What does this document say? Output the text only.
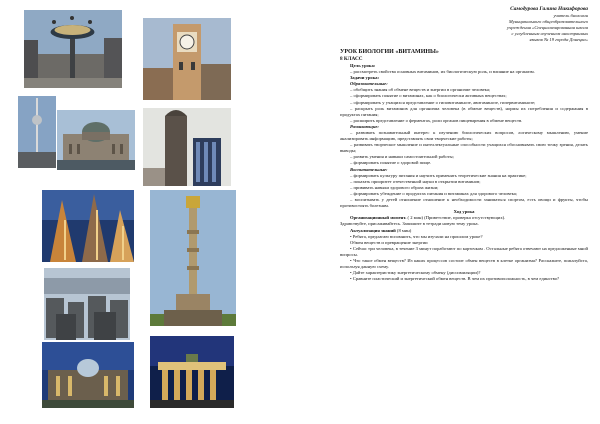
Самодурова Галина Никифорова
учитель биологии
Муниципального общеобразовательного
учреждения «Специализированная школа
с углубленным изучением иностранных
языков № 19 города Донецка»
УРОК БИОЛОГИИ «ВИТАМИНЫ»
8 КЛАСС

Цель урока:

– рассмотреть свойства основных витаминов, их биологическую роль, и влияние на организм.

Задачи урока:

Образовательные:

– обобщить знания об обмене веществ и энергии в организме человека;

– сформировать понятие о витаминах, как о биологически активных веществах;

– сформировать у учащихся представление о гиповитаминозе, авитаминозе, гипервитаминозе;

– раскрыть роль витаминов для организма человека (в обмене веществ), нормы их потребления и содержания в продуктах питания;

– расширить представление о ферментах, роли органов пищеварения в обмене веществ.

Развивающие:

– развивать познавательный интерес к изучению биологических вопросов, логическому мышлению, умение анализировать информацию, представлять свои творческие работы;

– развивать творческое мышление и интеллектуальные способности учащихся обосновывать свою точку зрения, делать выводы;

– развить умения и навыки самостоятельной работы;

– формировать понятие о здоровой пище.

Воспитательные:

– формировать культуру питания и научить применять теоретические знания на практике;

– показать приоритет отечественной науки в открытии витаминов;

– прививать навыки здорового образа жизни;

– формировать убеждение о продуктах питания и витаминах для здорового человека;

– воспитывать у детей отношение отношение к необходимости заниматься спортом, есть овощи и фрукты, чтобы противостоять болезням.

Ход урока

Организационный момент. ( 2 мин) (Приветствие, проверка отсутствующих).

Здравствуйте, присаживайтесь. Запишите в тетради новую тему урока.

Актуализация знаний (8 мин)

• Ребята, предлагаю вспомнить, что мы изучали на прошлом уроке?

Обмен веществ и превращение энергии

• Сейчас три человека, в течение 3 минут поработают по карточкам . Остальные ребята отвечают на предложенные мной вопросы.

• Что такое обмен веществ? Из каких процессов состоит обмен веществ в клетке организма? Расскажите, пожалуйста, используя данную схему.

• Дайте характеристику энергетическому обмену (диссимиляции)?

• Сравните пластический и энергетический обмен веществ. В чем их противоположность, в чем единство?
